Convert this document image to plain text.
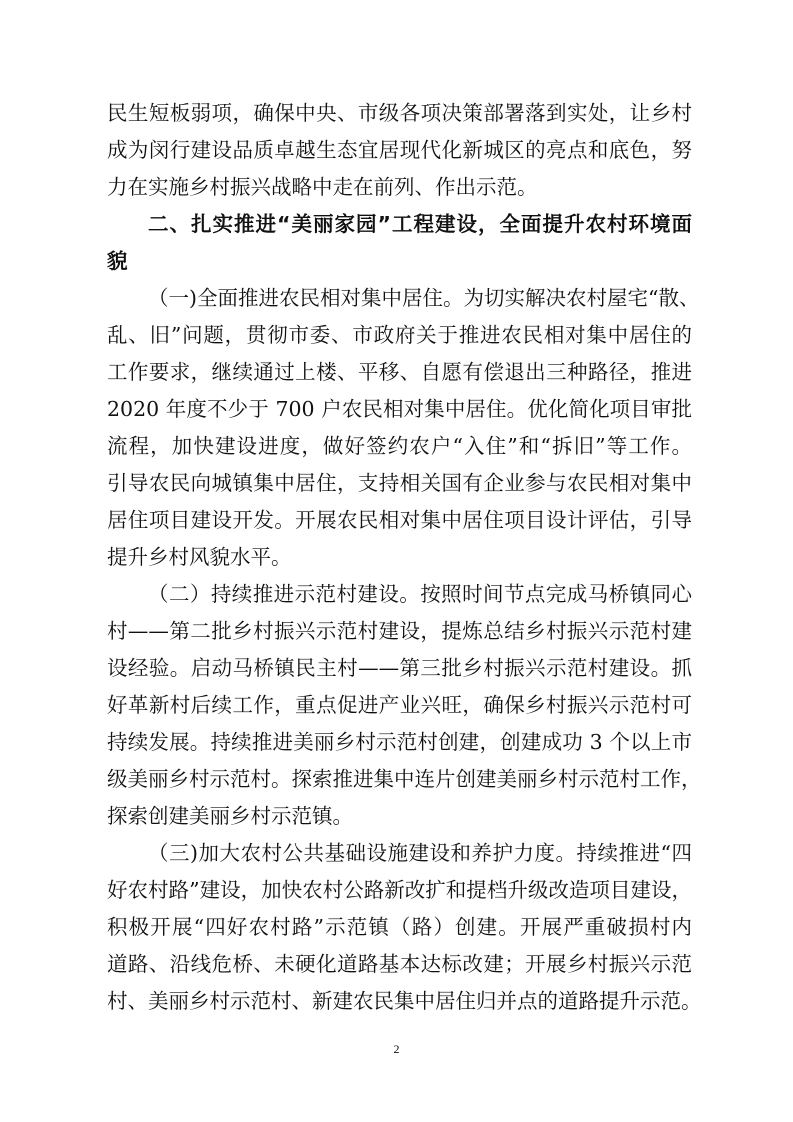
民生短板弱项，确保中央、市级各项决策部署落到实处，让乡村
成为闵行建设品质卓越生态宜居现代化新城区的亮点和底色，努
力在实施乡村振兴战略中走在前列、作出示范。
二、扎实推进“美丽家园”工程建设，全面提升农村环境面
貌
（一)全面推进农民相对集中居住。为切实解决农村屋宅“散、
乱、旧”问题，贯彻市委、市政府关于推进农民相对集中居住的
工作要求，继续通过上楼、平移、自愿有偿退出三种路径，推进
2020 年度不少于 700 户农民相对集中居住。优化简化项目审批
流程，加快建设进度，做好签约农户“入住”和“拆旧”等工作。
引导农民向城镇集中居住，支持相关国有企业参与农民相对集中
居住项目建设开发。开展农民相对集中居住项目设计评估，引导
提升乡村风貌水平。
（二）持续推进示范村建设。按照时间节点完成马桥镇同心
村——第二批乡村振兴示范村建设，提炼总结乡村振兴示范村建
设经验。启动马桥镇民主村——第三批乡村振兴示范村建设。抓
好革新村后续工作，重点促进产业兴旺，确保乡村振兴示范村可
持续发展。持续推进美丽乡村示范村创建，创建成功 3 个以上市
级美丽乡村示范村。探索推进集中连片创建美丽乡村示范村工作，
探索创建美丽乡村示范镇。
（三)加大农村公共基础设施建设和养护力度。持续推进“四
好农村路”建设，加快农村公路新改扩和提档升级改造项目建设，
积极开展“四好农村路”示范镇（路）创建。开展严重破损村内
道路、沿线危桥、未硬化道路基本达标改建；开展乡村振兴示范
村、美丽乡村示范村、新建农民集中居住归并点的道路提升示范。
2
